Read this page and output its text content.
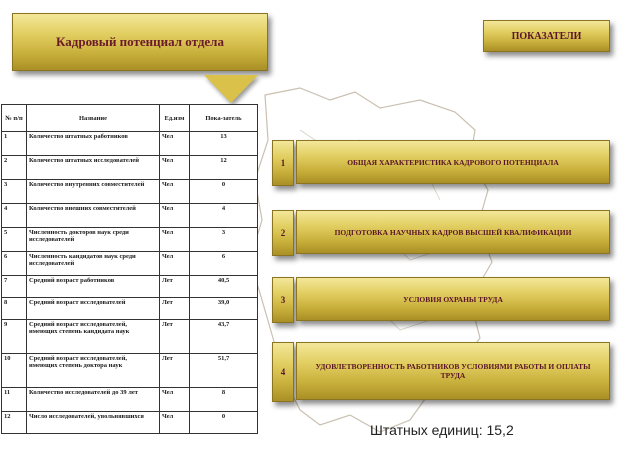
Кадровый потенциал отдела	ПОКАЗАТЕЛИ
№ п/п	Название	Ед.изм	Пока-затель
1	Количество штатных работников	Чел	13
2	Количество штатных исследователей	Чел	12
3	Количество внутренних совместителей	Чел	0
4	Количество внешних совместителей	Чел	4
5	Численность докторов наук среди исследователей	Чел	3
6	Численность кандидатов наук среди исследователей	Чел	6
7	Средний возраст работников	Лет	40,5
8	Средний возраст исследователей	Лет	39,0
9	Средний возраст исследователей, имеющих степень кандидата наук	Лет	43,7
10	Средний возраст исследователей, имеющих степень доктора наук	Лет	51,7
11	Количество исследователей до 39 лет	Чел	8
12	Число исследователей, увольнявшихся	Чел	0
1	ОБЩАЯ ХАРАКТЕРИСТИКА КАДРОВОГО ПОТЕНЦИАЛА
2	ПОДГОТОВКА НАУЧНЫХ КАДРОВ ВЫСШЕЙ КВАЛИФИКАЦИИ
3	УСЛОВИЯ ОХРАНЫ ТРУДА
4
УДОВЛЕТВОРЕННОСТЬ РАБОТНИКОВ УСЛОВИЯМИ РАБОТЫ И ОПЛАТЫ ТРУДА
Штатных единиц: 15,2
